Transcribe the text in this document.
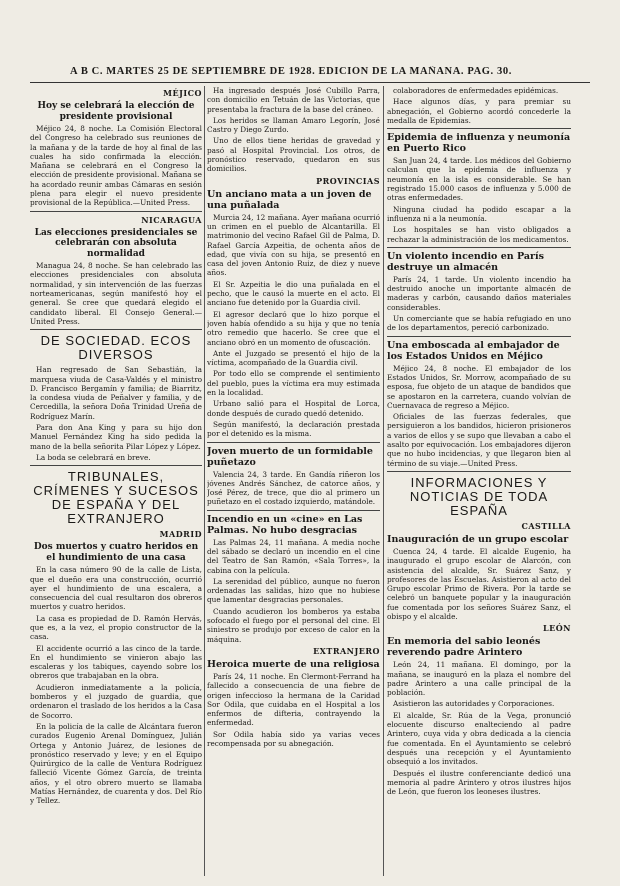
A B C. MARTES 25 DE SEPTIEMBRE DE 1928. EDICIÓN DE LA MAÑANA. PAG. 30.
MÉJICO
Hoy se celebrará la elección de presidente provisional

Méjico 24, 8 noche. La Comisión Electoral del Congreso ha celebrado sus reuniones de la mañana y de la tarde de hoy al final de las cuales ha sido confirmada la elección. Mañana se celebrará en el Congreso la elección de presidente provisional. Mañana se ha acordado reunir ambas Cámaras en sesión plena para elegir el nuevo presidente provisional de la República.—United Press.

NICARAGUA
Las elecciones presidenciales se celebrarán con absoluta normalidad

Managua 24, 8 noche. Se han celebrado las elecciones presidenciales con absoluta normalidad, y sin intervención de las fuerzas norteamericanas, según manifestó hoy el general. Se cree que quedará elegido el candidato liberal. El Consejo General.—United Press.

DE SOCIEDAD. ECOS DIVERSOS

Han regresado de San Sebastián, la marquesa viuda de Casa-Valdés y el ministro D. Francisco Bergamín y familia; de Biarritz, la condesa viuda de Peñalver y familia, y de Cercedilla, la señora Doña Trinidad Ureña de Rodríguez Marín.

Para don Ana King y para su hijo don Manuel Fernández King ha sido pedida la mano de la bella señorita Pilar López y López.

La boda se celebrará en breve.

TRIBUNALES, CRÍMENES Y SUCESOS DE ESPAÑA Y DEL EXTRANJERO
MADRID
Dos muertos y cuatro heridos en el hundimiento de una casa

En la casa número 90 de la calle de Lista, que el dueño era una construcción, ocurrió ayer el hundimiento de una escalera, a consecuencia del cual resultaron dos obreros muertos y cuatro heridos.

La casa es propiedad de D. Ramón Hervás, que es, a la vez, el propio constructor de la casa.

El accidente ocurrió a las cinco de la tarde. En el hundimiento se vinieron abajo las escaleras y los tabiques, cayendo sobre los obreros que trabajaban en la obra.

Acudieron inmediatamente a la policía, bomberos y el juzgado de guardia, que ordenaron el traslado de los heridos a la Casa de Socorro.

En la policía de la calle de Alcántara fueron curados Eugenio Arenal Domínguez, Julián Ortega y Antonio Juárez, de lesiones de pronóstico reservado y leve; y en el Equipo Quirúrgico de la calle de Ventura Rodríguez falleció Vicente Gómez García, de treinta años, y el otro obrero muerto se llamaba Matías Hernández, de cuarenta y dos. Del Río y Tellez.

Ha ingresado después José Cubillo Parra, con domicilio en Tetuán de las Victorias, que presentaba la fractura de la base del cráneo.

Los heridos se llaman Amaro Legorín, José Castro y Diego Zurdo.

Uno de ellos tiene heridas de gravedad y pasó al Hospital Provincial. Los otros, de pronóstico reservado, quedaron en sus domicilios.

PROVINCIAS
Un anciano mata a un joven de una puñalada

Murcia 24, 12 mañana. Ayer mañana ocurrió un crimen en el pueblo de Alcantarilla. El matrimonio del vecino Rafael Gil de Palma, D. Rafael García Azpeitia, de ochenta años de edad, que vivía con su hija, se presentó en casa del joven Antonio Ruiz, de diez y nueve años.

El Sr. Azpeitia le dio una puñalada en el pecho, que le causó la muerte en el acto. El anciano fue detenido por la Guardia civil.

El agresor declaró que lo hizo porque el joven había ofendido a su hija y que no tenía otro remedio que hacerlo. Se cree que el anciano obró en un momento de ofuscación.

Ante el Juzgado se presentó el hijo de la víctima, acompañado de la Guardia civil.

Por todo ello se comprende el sentimiento del pueblo, pues la víctima era muy estimada en la localidad.

Urbano salió para el Hospital de Lorca, donde después de curado quedó detenido.

Según manifestó, la declaración prestada por el detenido es la misma.

Joven muerto de un formidable puñetazo

Valencia 24, 3 tarde. En Gandía riñeron los jóvenes Andrés Sánchez, de catorce años, y José Pérez, de trece, que dio al primero un puñetazo en el costado izquierdo, matándole.

Incendio en un «cine» en Las Palmas. No hubo desgracias

Las Palmas 24, 11 mañana. A media noche del sábado se declaró un incendio en el cine del Teatro de San Ramón, «Sala Torres», la cabina con la película.

La serenidad del público, aunque no fueron ordenadas las salidas, hizo que no hubiese que lamentar desgracias personales.

Cuando acudieron los bomberos ya estaba sofocado el fuego por el personal del cine. El siniestro se produjo por exceso de calor en la máquina.

EXTRANJERO
Heroica muerte de una religiosa

París 24, 11 noche. En Clermont-Ferrand ha fallecido a consecuencia de una fiebre de origen infeccioso la hermana de la Caridad Sor Odila, que cuidaba en el Hospital a los enfermos de difteria, contrayendo la enfermedad.

Sor Odila había sido ya varias veces recompensada por su abnegación.

colaboradores de enfermedades epidémicas.

Hace algunos días, y para premiar su abnegación, el Gobierno acordó concederle la medalla de Epidemias.

Epidemia de influenza y neumonía en Puerto Rico

San Juan 24, 4 tarde. Los médicos del Gobierno calculan que la epidemia de influenza y neumonía en la isla es considerable. Se han registrado 15.000 casos de influenza y 5.000 de otras enfermedades.

Ninguna ciudad ha podido escapar a la influenza ni a la neumonía.

Los hospitales se han visto obligados a rechazar la administración de los medicamentos.

Un violento incendio en París destruye un almacén

París 24, 1 tarde. Un violento incendio ha destruido anoche un importante almacén de maderas y carbón, causando daños materiales considerables.

Un comerciante que se había refugiado en uno de los departamentos, pereció carbonizado.

Una emboscada al embajador de los Estados Unidos en Méjico

Méjico 24, 8 noche. El embajador de los Estados Unidos, Sr. Morrow, acompañado de su esposa, fue objeto de un ataque de bandidos que se apostaron en la carretera, cuando volvían de Cuernavaca de regreso a Méjico.

Oficiales de las fuerzas federales, que persiguieron a los bandidos, hicieron prisioneros a varios de ellos y se supo que llevaban a cabo el asalto por equivocación. Los embajadores dijeron que no hubo incidencias, y que llegaron bien al término de su viaje.—United Press.

INFORMACIONES Y NOTICIAS DE TODA ESPAÑA
CASTILLA
Inauguración de un grupo escolar

Cuenca 24, 4 tarde. El alcalde Eugenio, ha inaugurado el grupo escolar de Alarcón, con asistencia del alcalde, Sr. Suárez Sanz, y profesores de las Escuelas. Asistieron al acto del Grupo escolar Primo de Rivera. Por la tarde se celebró un banquete popular y la inauguración fue comentada por los señores Suárez Sanz, el obispo y el alcalde.

LEÓN
En memoria del sabio leonés reverendo padre Arintero

León 24, 11 mañana. El domingo, por la mañana, se inauguró en la plaza el nombre del padre Arintero a una calle principal de la población.

Asistieron las autoridades y Corporaciones.

El alcalde, Sr. Rúa de la Vega, pronunció elocuente discurso enalteciendo al padre Arintero, cuya vida y obra dedicada a la ciencia fue comentada. En el Ayuntamiento se celebró después una recepción y el Ayuntamiento obsequió a los invitados.

Después el ilustre conferenciante dedicó una memoria al padre Arintero y otros ilustres hijos de León, que fueron los leoneses ilustres.
